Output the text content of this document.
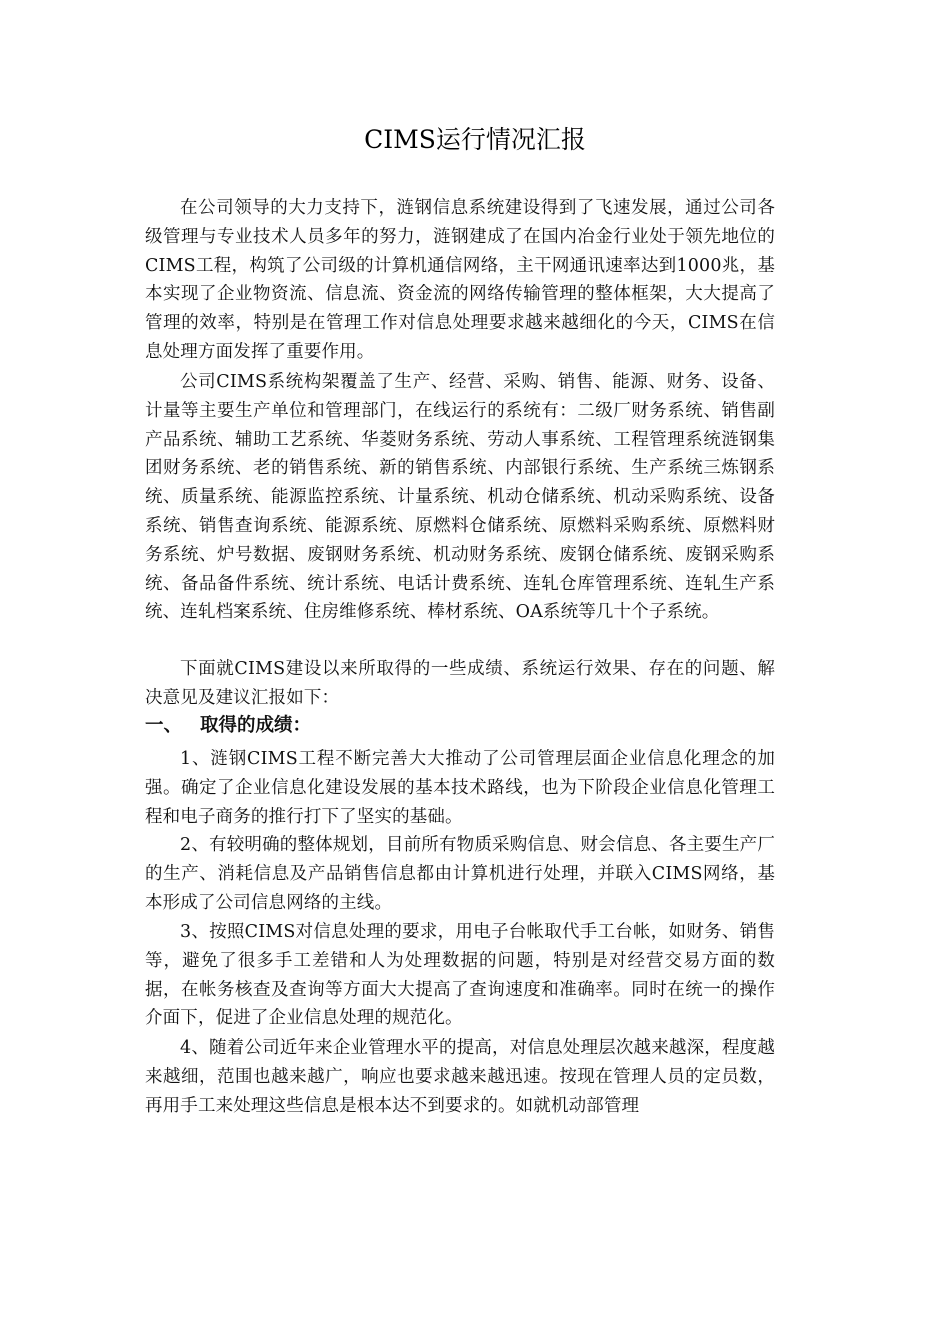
CIMS运行情况汇报

在公司领导的大力支持下，涟钢信息系统建设得到了飞速发展，通过公司各级管理与专业技术人员多年的努力，涟钢建成了在国内冶金行业处于领先地位的CIMS工程，构筑了公司级的计算机通信网络，主干网通讯速率达到1000兆，基本实现了企业物资流、信息流、资金流的网络传输管理的整体框架，大大提高了管理的效率，特别是在管理工作对信息处理要求越来越细化的今天，CIMS在信息处理方面发挥了重要作用。

公司CIMS系统构架覆盖了生产、经营、采购、销售、能源、财务、设备、计量等主要生产单位和管理部门，在线运行的系统有：二级厂财务系统、销售副产品系统、辅助工艺系统、华菱财务系统、劳动人事系统、工程管理系统涟钢集团财务系统、老的销售系统、新的销售系统、内部银行系统、生产系统三炼钢系统、质量系统、能源监控系统、计量系统、机动仓储系统、机动采购系统、设备系统、销售查询系统、能源系统、原燃料仓储系统、原燃料采购系统、原燃料财务系统、炉号数据、废钢财务系统、机动财务系统、废钢仓储系统、废钢采购系统、备品备件系统、统计系统、电话计费系统、连轧仓库管理系统、连轧生产系统、连轧档案系统、住房维修系统、棒材系统、OA系统等几十个子系统。

下面就CIMS建设以来所取得的一些成绩、系统运行效果、存在的问题、解决意见及建议汇报如下：

一、 取得的成绩：

1、涟钢CIMS工程不断完善大大推动了公司管理层面企业信息化理念的加强。确定了企业信息化建设发展的基本技术路线，也为下阶段企业信息化管理工程和电子商务的推行打下了坚实的基础。

2、有较明确的整体规划，目前所有物质采购信息、财会信息、各主要生产厂的生产、消耗信息及产品销售信息都由计算机进行处理，并联入CIMS网络，基本形成了公司信息网络的主线。

3、按照CIMS对信息处理的要求，用电子台帐取代手工台帐，如财务、销售等，避免了很多手工差错和人为处理数据的问题，特别是对经营交易方面的数据，在帐务核查及查询等方面大大提高了查询速度和准确率。同时在统一的操作介面下，促进了企业信息处理的规范化。

4、随着公司近年来企业管理水平的提高，对信息处理层次越来越深，程度越来越细，范围也越来越广，响应也要求越来越迅速。按现在管理人员的定员数，再用手工来处理这些信息是根本达不到要求的。如就机动部管理
